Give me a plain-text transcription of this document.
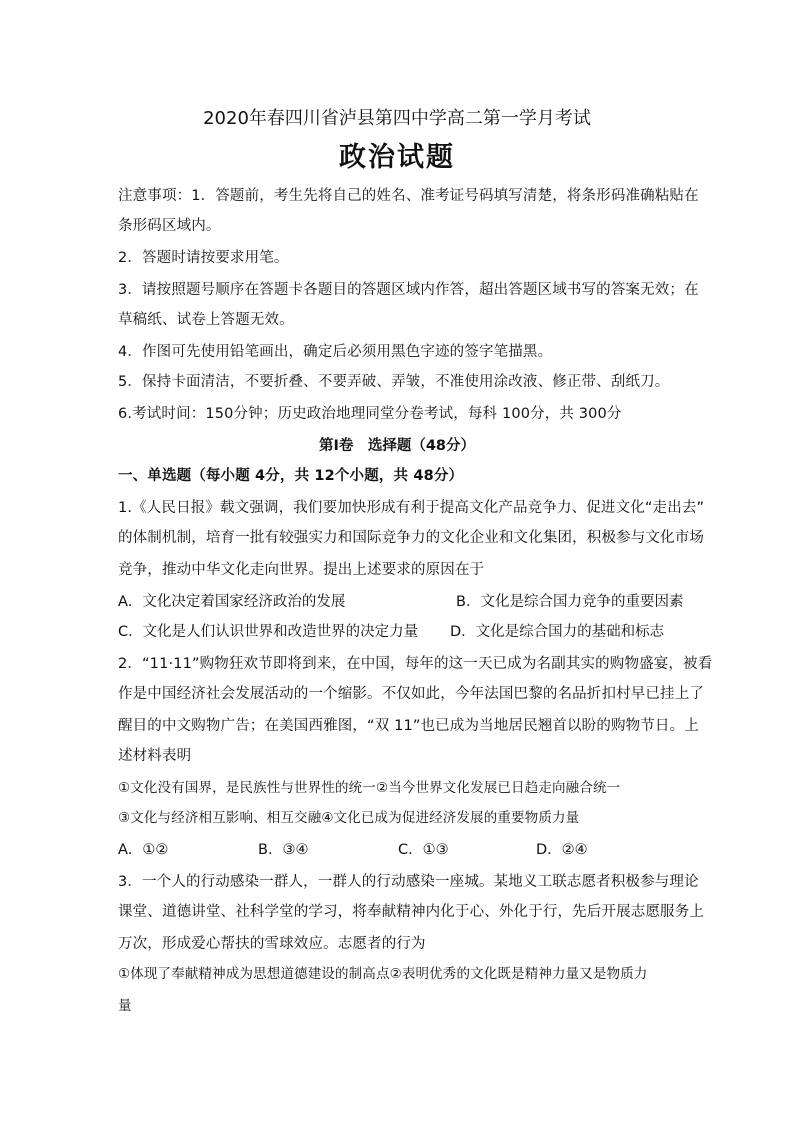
2020年春四川省泸县第四中学高二第一学月考试
政治试题
注意事项：1．答题前，考生先将自己的姓名、准考证号码填写清楚，将条形码准确粘贴在
条形码区域内。
2．答题时请按要求用笔。
3．请按照题号顺序在答题卡各题目的答题区域内作答，超出答题区域书写的答案无效；在
草稿纸、试卷上答题无效。
4．作图可先使用铅笔画出，确定后必须用黑色字迹的签字笔描黑。
5．保持卡面清洁，不要折叠、不要弄破、弄皱，不准使用涂改液、修正带、刮纸刀。
6.考试时间：150分钟；历史政治地理同堂分卷考试，每科 100分，共 300分
第Ⅰ卷　选择题（48分）
一、单选题（每小题 4分，共 12个小题，共 48分）
1.《人民日报》载文强调，我们要加快形成有利于提高文化产品竞争力、促进文化“走出去”
的体制机制，培育一批有较强实力和国际竞争力的文化企业和文化集团，积极参与文化市场
竞争，推动中华文化走向世界。提出上述要求的原因在于
A．文化决定着国家经济政治的发展	B．文化是综合国力竞争的重要因素
C．文化是人们认识世界和改造世界的决定力量 D．文化是综合国力的基础和标志
2．“11·11”购物狂欢节即将到来，在中国，每年的这一天已成为名副其实的购物盛宴，被看
作是中国经济社会发展活动的一个缩影。不仅如此，今年法国巴黎的名品折扣村早已挂上了
醒目的中文购物广告；在美国西雅图，“双 11”也已成为当地居民翘首以盼的购物节日。上
述材料表明
①文化没有国界，是民族性与世界性的统一②当今世界文化发展已日趋走向融合统一
③文化与经济相互影响、相互交融④文化已成为促进经济发展的重要物质力量
A．①②	B．③④	C．①③	D．②④
3．一个人的行动感染一群人，一群人的行动感染一座城。某地义工联志愿者积极参与理论
课堂、道德讲堂、社科学堂的学习，将奉献精神内化于心、外化于行，先后开展志愿服务上
万次，形成爱心帮扶的雪球效应。志愿者的行为
①体现了奉献精神成为思想道德建设的制高点②表明优秀的文化既是精神力量又是物质力
量
